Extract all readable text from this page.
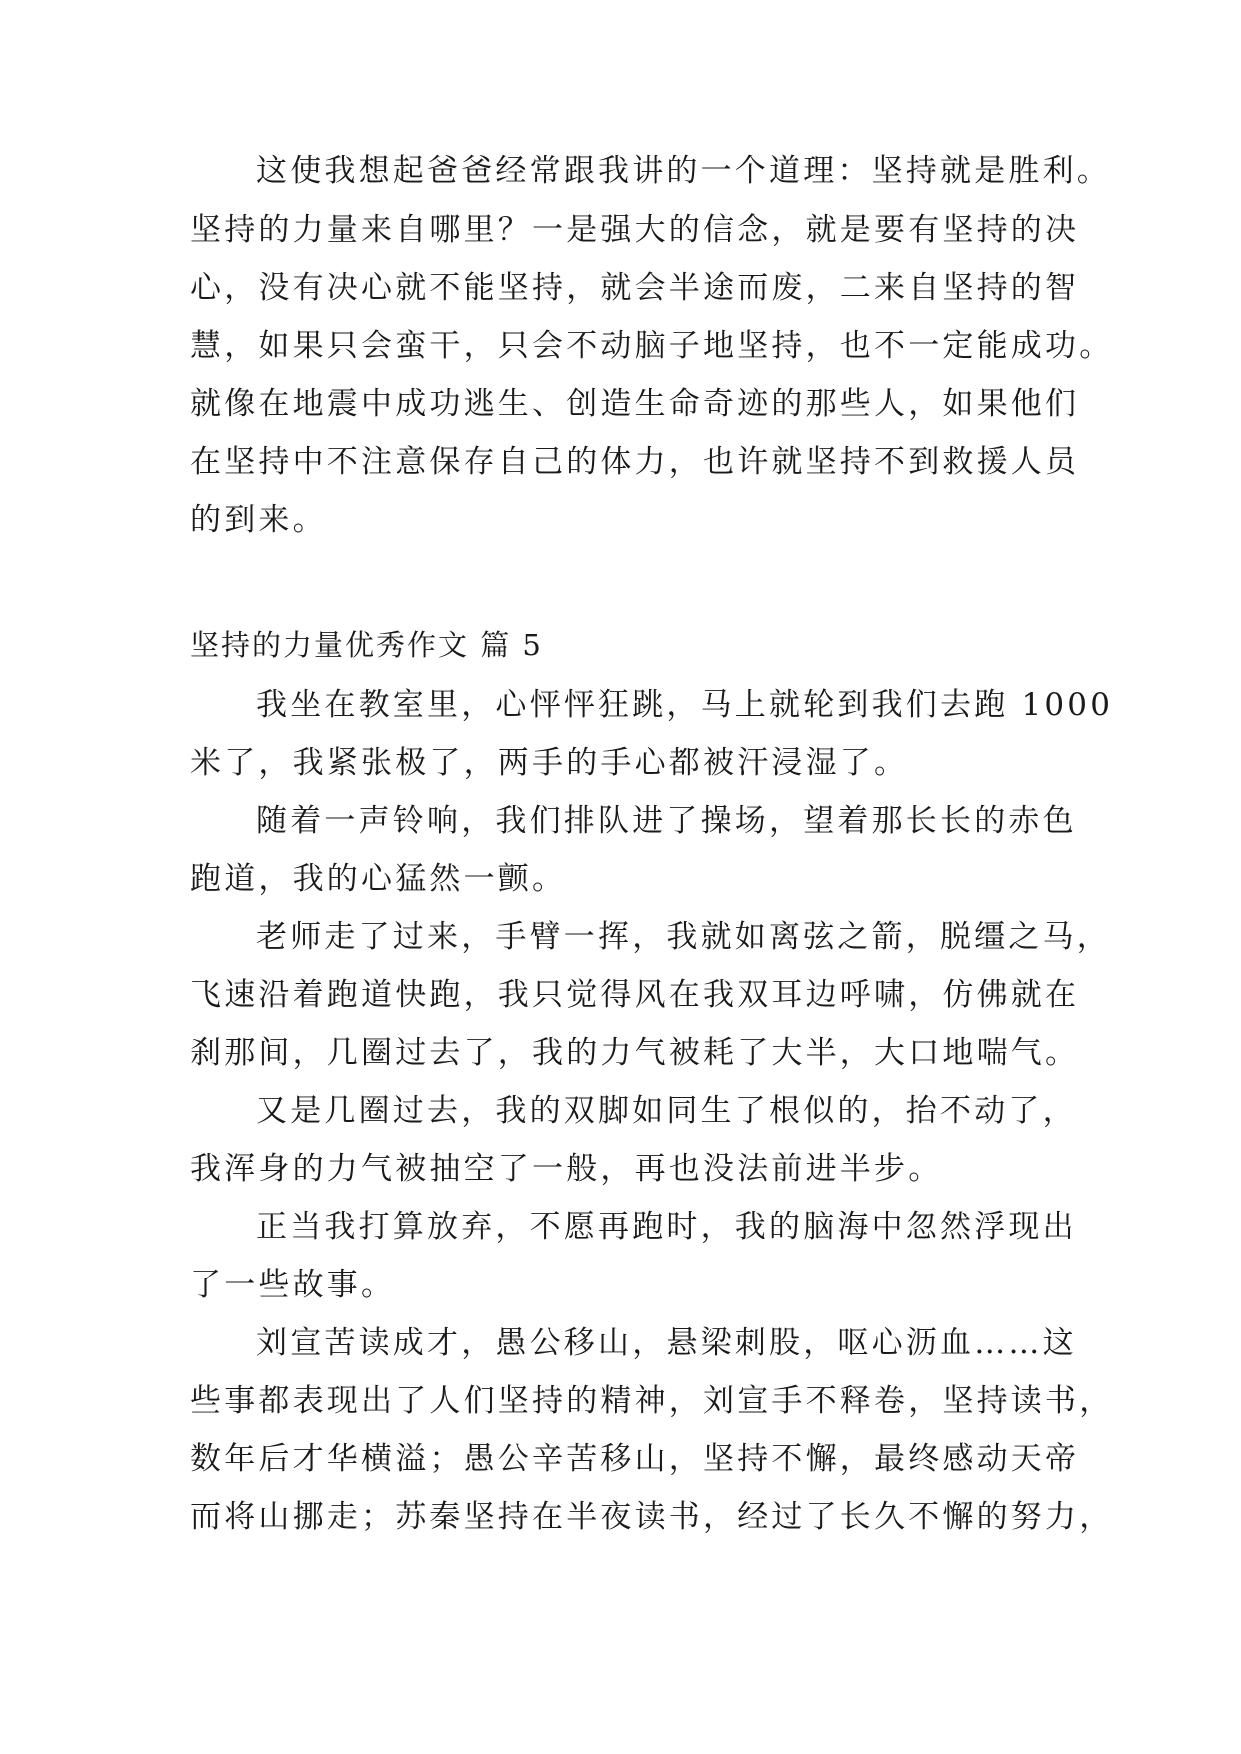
这使我想起爸爸经常跟我讲的一个道理：坚持就是胜利。
坚持的力量来自哪里？一是强大的信念，就是要有坚持的决
心，没有决心就不能坚持，就会半途而废，二来自坚持的智
慧，如果只会蛮干，只会不动脑子地坚持，也不一定能成功。
就像在地震中成功逃生、创造生命奇迹的那些人，如果他们
在坚持中不注意保存自己的体力，也许就坚持不到救援人员
的到来。
坚持的力量优秀作文 篇 5
我坐在教室里，心怦怦狂跳，马上就轮到我们去跑 1000
米了，我紧张极了，两手的手心都被汗浸湿了。
随着一声铃响，我们排队进了操场，望着那长长的赤色
跑道，我的心猛然一颤。
老师走了过来，手臂一挥，我就如离弦之箭，脱缰之马，
飞速沿着跑道快跑，我只觉得风在我双耳边呼啸，仿佛就在
刹那间，几圈过去了，我的力气被耗了大半，大口地喘气。
又是几圈过去，我的双脚如同生了根似的，抬不动了，
我浑身的力气被抽空了一般，再也没法前进半步。
正当我打算放弃，不愿再跑时，我的脑海中忽然浮现出
了一些故事。
刘宣苦读成才，愚公移山，悬梁刺股，呕心沥血……这
些事都表现出了人们坚持的精神，刘宣手不释卷，坚持读书，
数年后才华横溢；愚公辛苦移山，坚持不懈，最终感动天帝
而将山挪走；苏秦坚持在半夜读书，经过了长久不懈的努力，
